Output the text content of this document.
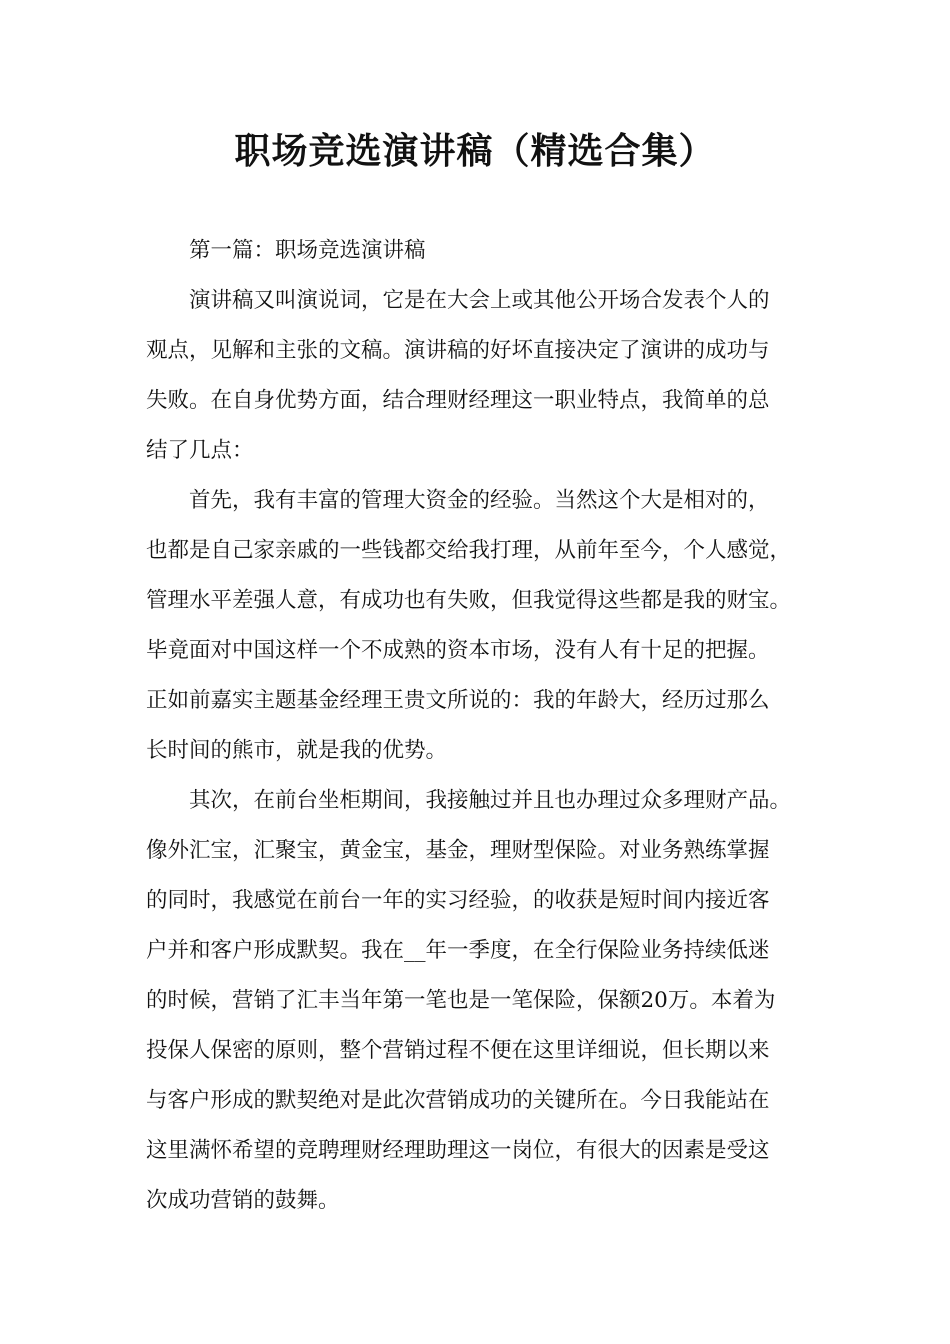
职场竞选演讲稿（精选合集）

第一篇：职场竞选演讲稿

演讲稿又叫演说词，它是在大会上或其他公开场合发表个人的

观点，见解和主张的文稿。演讲稿的好坏直接决定了演讲的成功与

失败。在自身优势方面，结合理财经理这一职业特点，我简单的总

结了几点：

首先，我有丰富的管理大资金的经验。当然这个大是相对的，

也都是自己家亲戚的一些钱都交给我打理，从前年至今，个人感觉，

管理水平差强人意，有成功也有失败，但我觉得这些都是我的财宝。

毕竟面对中国这样一个不成熟的资本市场，没有人有十足的把握。

正如前嘉实主题基金经理王贵文所说的：我的年龄大，经历过那么

长时间的熊市，就是我的优势。

其次，在前台坐柜期间，我接触过并且也办理过众多理财产品。

像外汇宝，汇聚宝，黄金宝，基金，理财型保险。对业务熟练掌握

的同时，我感觉在前台一年的实习经验，的收获是短时间内接近客

户并和客户形成默契。我在__年一季度，在全行保险业务持续低迷

的时候，营销了汇丰当年第一笔也是一笔保险，保额20万。本着为

投保人保密的原则，整个营销过程不便在这里详细说，但长期以来

与客户形成的默契绝对是此次营销成功的关键所在。今日我能站在

这里满怀希望的竞聘理财经理助理这一岗位，有很大的因素是受这

次成功营销的鼓舞。
